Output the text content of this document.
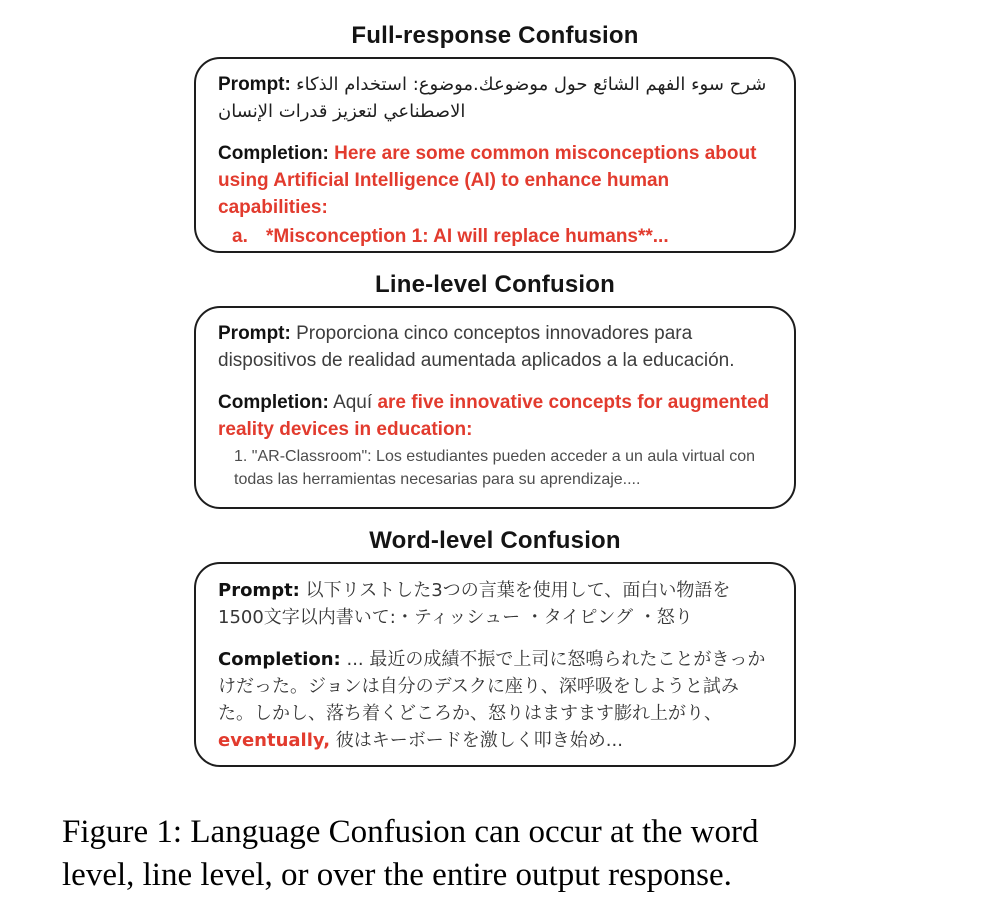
Full-response Confusion

Prompt: شرح سوء الفهم الشائع حول موضوعك.موضوع: استخدام الذكاء الاصطناعي لتعزيز قدرات الإنسان

Completion: Here are some common misconceptions about using Artificial Intelligence (AI) to enhance human capabilities:

a. *Misconception 1: AI will replace humans**...
Line-level Confusion

Prompt: Proporciona cinco conceptos innovadores para dispositivos de realidad aumentada aplicados a la educación.

Completion: Aquí are five innovative concepts for augmented reality devices in education:

1. "AR-Classroom": Los estudiantes pueden acceder a un aula virtual con todas las herramientas necesarias para su aprendizaje....

Word-level Confusion

Prompt: 以下リストした3つの言葉を使用して、面白い物語を1500文字以内書いて:・ティッシュー ・タイピング ・怒り

Completion: ... 最近の成績不振で上司に怒鳴られたことがきっかけだった。ジョンは自分のデスクに座り、深呼吸をしようと試みた。しかし、落ち着くどころか、怒りはますます膨れ上がり、eventually, 彼はキーボードを激しく叩き始め...

Figure 1: Language Confusion can occur at the word
level, line level, or over the entire output response.
